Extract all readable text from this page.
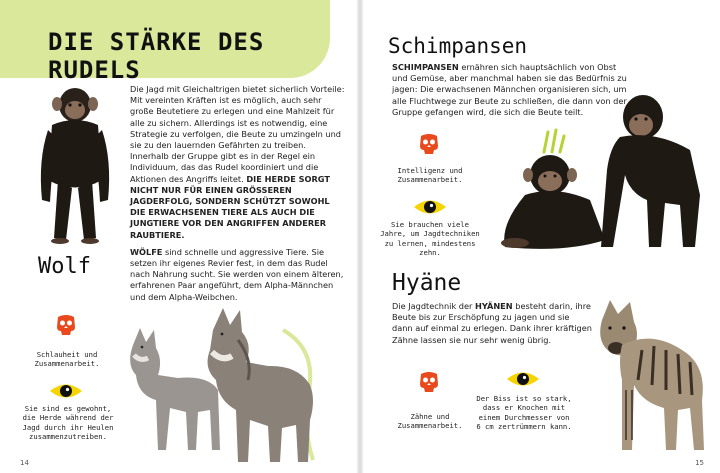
DIE STÄRKE DES RUDELS

Die Jagd mit Gleichaltrigen bietet sicherlich Vorteile: Mit vereinten Kräften ist es möglich, auch sehr große Beutetiere zu erlegen und eine Mahlzeit für alle zu sichern. Allerdings ist es notwendig, eine Strategie zu verfolgen, die Beute zu umzingeln und sie zu den lauernden Gefährten zu treiben. Innerhalb der Gruppe gibt es in der Regel ein Individuum, das das Rudel koordiniert und die Aktionen des Angriffs leitet. DIE HERDE SORGT NICHT NUR FÜR EINEN GRÖSSEREN JAGDERFOLG, SONDERN SCHÜTZT SOWOHL DIE ERWACHSENEN TIERE ALS AUCH DIE JUNGTIERE VOR DEN ANGRIFFEN ANDERER RAUBTIERE.

WÖLFE sind schnelle und aggressive Tiere. Sie setzen ihr eigenes Revier fest, in dem das Rudel nach Nahrung sucht. Sie werden von einem älteren, erfahrenen Paar angeführt, dem Alpha-Männchen und dem Alpha-Weibchen.

Wolf
Schlauheit und Zusammenarbeit.
Sie sind es gewohnt, die Herde während der Jagd durch ihr Heulen zusammenzutreiben.
14
Schimpansen

SCHIMPANSEN ernähren sich hauptsächlich von Obst und Gemüse, aber manchmal haben sie das Bedürfnis zu jagen: Die erwachsenen Männchen organisieren sich, um alle Fluchtwege zur Beute zu schließen, die dann von der Gruppe gefangen wird, die sich die Beute teilt.

Intelligenz und Zusammenarbeit.
Sie brauchen viele Jahre, um Jagdtechniken zu lernen, mindestens zehn.
Hyäne

Die Jagdtechnik der HYÄNEN besteht darin, ihre Beute bis zur Erschöpfung zu jagen und sie dann auf einmal zu erlegen. Dank ihrer kräftigen Zähne lassen sie nur sehr wenig übrig.

Zähne und Zusammenarbeit.
Der Biss ist so stark, dass er Knochen mit einem Durchmesser von 6 cm zertrümmern kann.
15
